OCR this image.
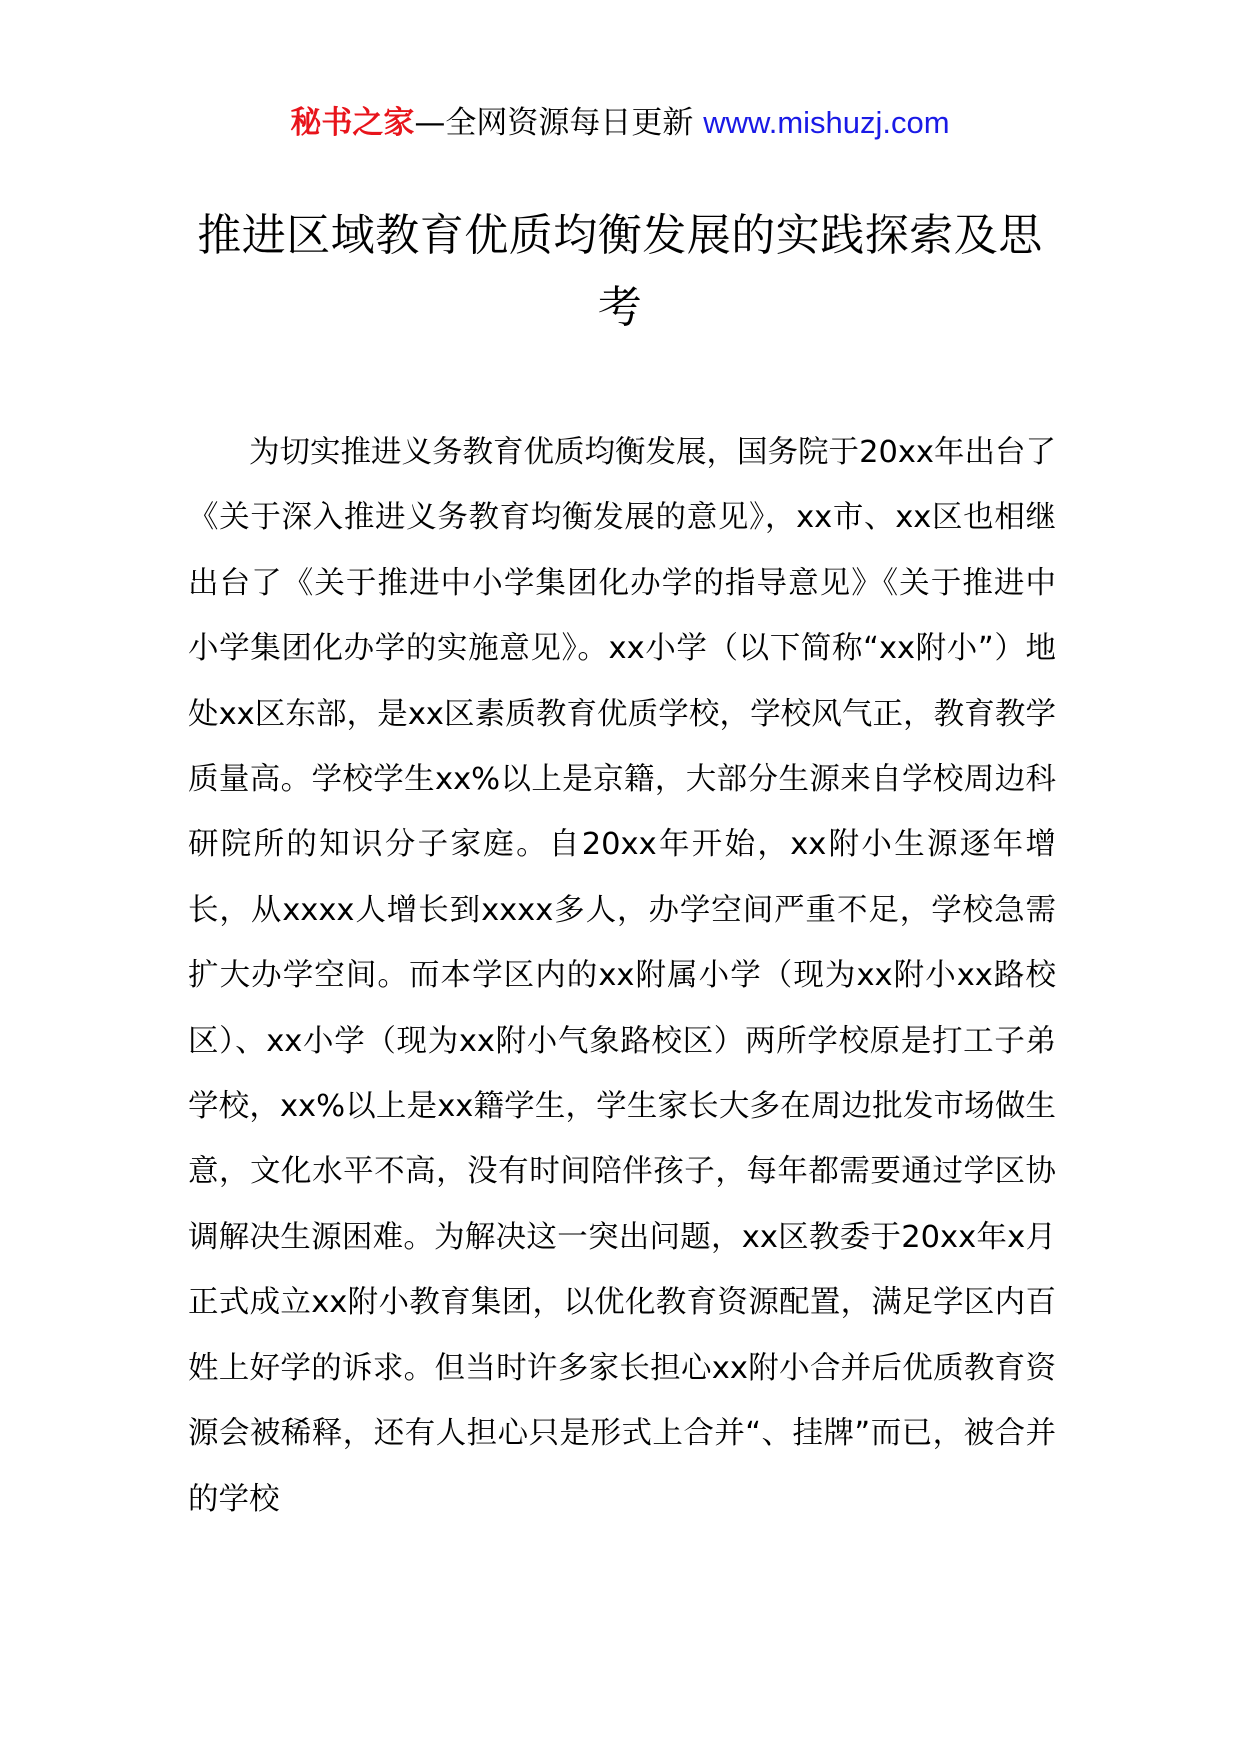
秘书之家—全网资源每日更新 www.mishuzj.com
推进区域教育优质均衡发展的实践探索及思考

为切实推进义务教育优质均衡发展，国务院于20xx年出台了《关于深入推进义务教育均衡发展的意见》，xx市、xx区也相继出台了《关于推进中小学集团化办学的指导意见》《关于推进中小学集团化办学的实施意见》。xx小学（以下简称“xx附小”）地处xx区东部，是xx区素质教育优质学校，学校风气正，教育教学质量高。学校学生xx%以上是京籍，大部分生源来自学校周边科研院所的知识分子家庭。自20xx年开始，xx附小生源逐年增长，从xxxx人增长到xxxx多人，办学空间严重不足，学校急需扩大办学空间。而本学区内的xx附属小学（现为xx附小xx路校区）、xx小学（现为xx附小气象路校区）两所学校原是打工子弟学校，xx%以上是xx籍学生，学生家长大多在周边批发市场做生意，文化水平不高，没有时间陪伴孩子，每年都需要通过学区协调解决生源困难。为解决这一突出问题，xx区教委于20xx年x月正式成立xx附小教育集团，以优化教育资源配置，满足学区内百姓上好学的诉求。但当时许多家长担心xx附小合并后优质教育资源会被稀释，还有人担心只是形式上合并“、挂牌”而已，被合并的学校
